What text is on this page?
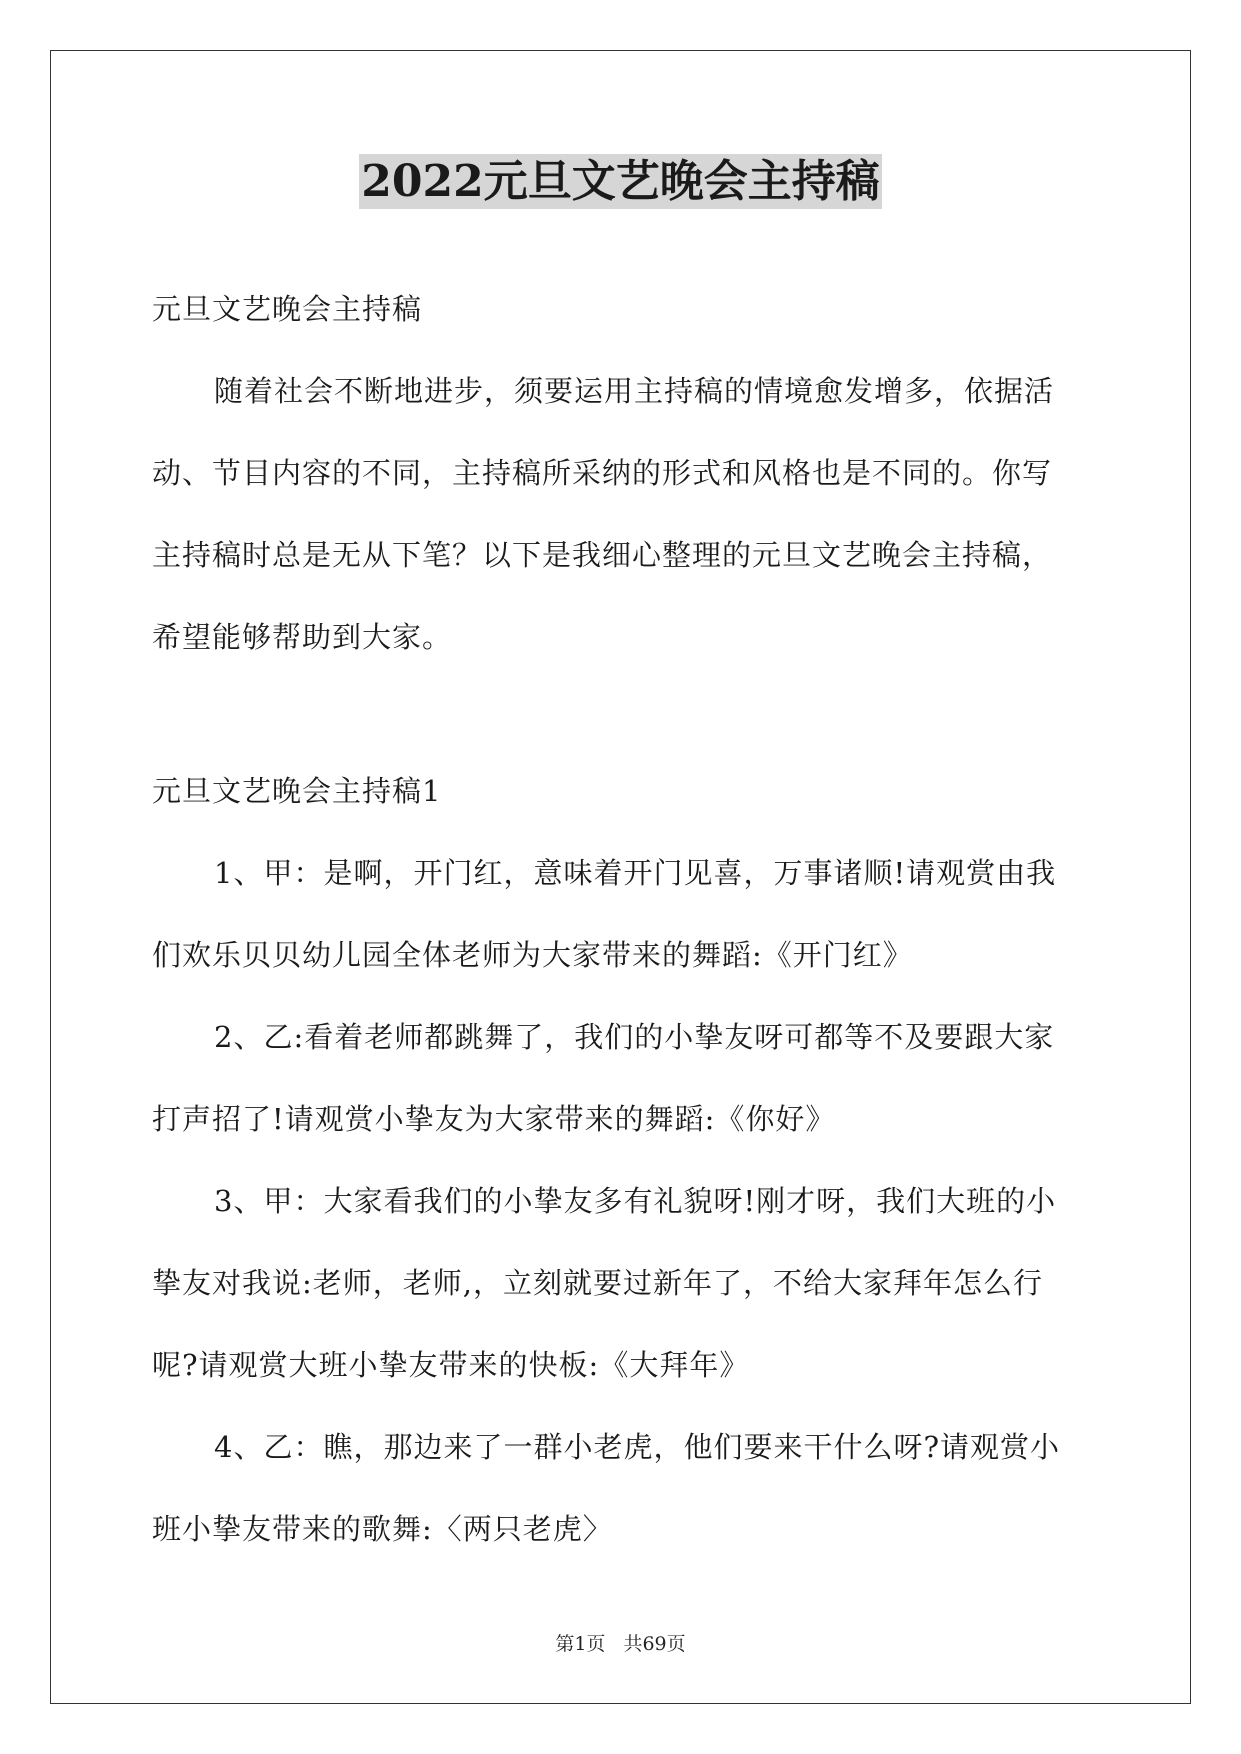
2022元旦文艺晚会主持稿

元旦文艺晚会主持稿

随着社会不断地进步，须要运用主持稿的情境愈发增多，依据活

动、节目内容的不同，主持稿所采纳的形式和风格也是不同的。你写

主持稿时总是无从下笔？以下是我细心整理的元旦文艺晚会主持稿，

希望能够帮助到大家。

元旦文艺晚会主持稿1

1、甲：是啊，开门红，意味着开门见喜，万事诸顺!请观赏由我

们欢乐贝贝幼儿园全体老师为大家带来的舞蹈:《开门红》

2、乙:看着老师都跳舞了，我们的小挚友呀可都等不及要跟大家

打声招了!请观赏小挚友为大家带来的舞蹈:《你好》

3、甲：大家看我们的小挚友多有礼貌呀!刚才呀，我们大班的小

挚友对我说:老师，老师,，立刻就要过新年了，不给大家拜年怎么行

呢?请观赏大班小挚友带来的快板:《大拜年》

4、乙：瞧，那边来了一群小老虎，他们要来干什么呀?请观赏小

班小挚友带来的歌舞:〈两只老虎〉

第1页 共69页
